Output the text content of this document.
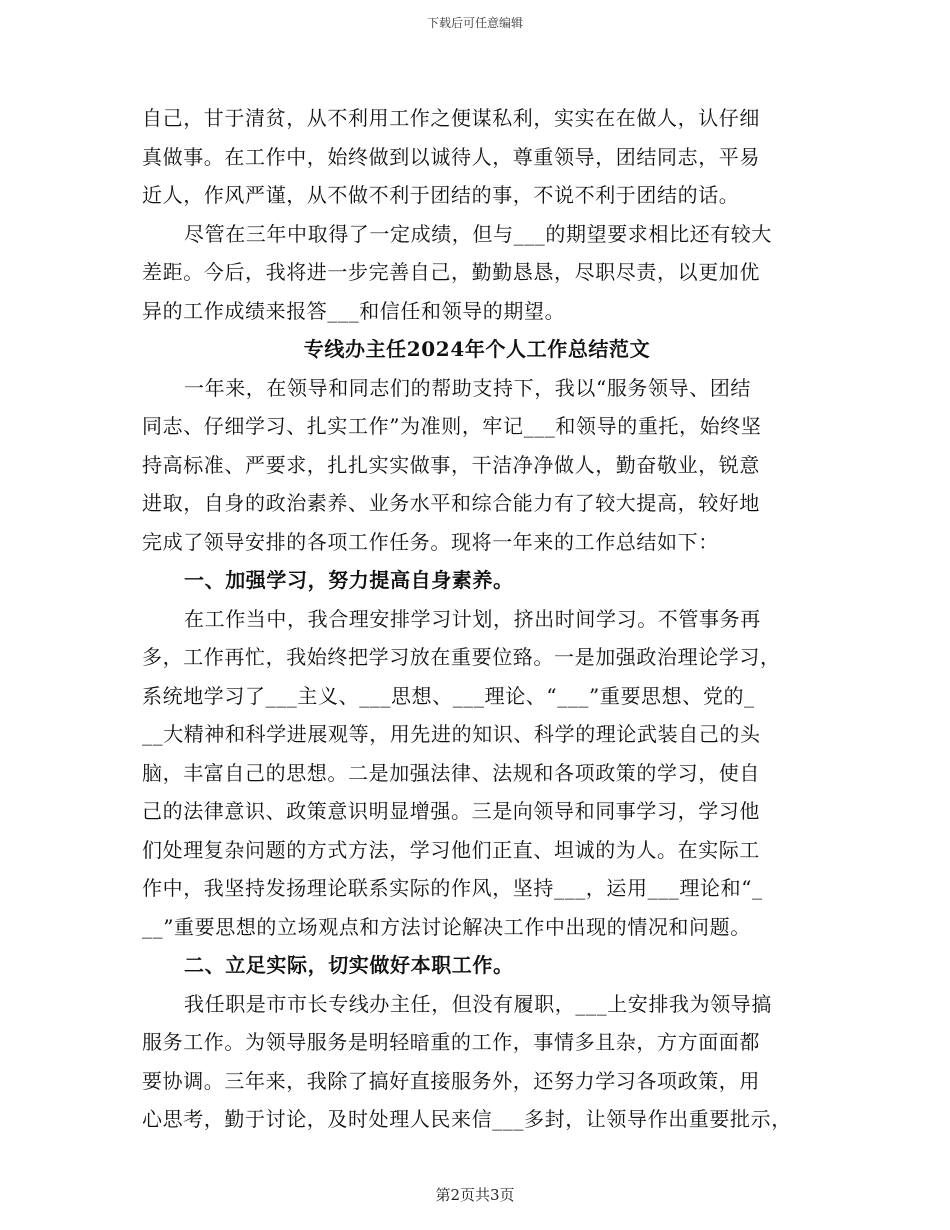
下载后可任意编辑
自己，甘于清贫，从不利用工作之便谋私利，实实在在做人，认仔细
真做事。在工作中，始终做到以诚待人，尊重领导，团结同志，平易
近人，作风严谨，从不做不利于团结的事，不说不利于团结的话。
尽管在三年中取得了一定成绩，但与___的期望要求相比还有较大
差距。今后，我将进一步完善自己，勤勤恳恳，尽职尽责，以更加优
异的工作成绩来报答___和信任和领导的期望。
专线办主任2024年个人工作总结范文
一年来，在领导和同志们的帮助支持下，我以“服务领导、团结
同志、仔细学习、扎实工作”为准则，牢记___和领导的重托，始终坚
持高标准、严要求，扎扎实实做事，干洁净净做人，勤奋敬业，锐意
进取，自身的政治素养、业务水平和综合能力有了较大提高，较好地
完成了领导安排的各项工作任务。现将一年来的工作总结如下：
一、加强学习，努力提高自身素养。
在工作当中，我合理安排学习计划，挤出时间学习。不管事务再
多，工作再忙，我始终把学习放在重要位臵。一是加强政治理论学习，
系统地学习了___主义、___思想、___理论、“___”重要思想、党的_
__大精神和科学进展观等，用先进的知识、科学的理论武装自己的头
脑，丰富自己的思想。二是加强法律、法规和各项政策的学习，使自
己的法律意识、政策意识明显增强。三是向领导和同事学习，学习他
们处理复杂问题的方式方法，学习他们正直、坦诚的为人。在实际工
作中，我坚持发扬理论联系实际的作风，坚持___，运用___理论和“_
__”重要思想的立场观点和方法讨论解决工作中出现的情况和问题。
二、立足实际，切实做好本职工作。
我任职是市市长专线办主任，但没有履职，___上安排我为领导搞
服务工作。为领导服务是明轻暗重的工作，事情多且杂，方方面面都
要协调。三年来，我除了搞好直接服务外，还努力学习各项政策，用
心思考，勤于讨论，及时处理人民来信___多封，让领导作出重要批示，
第2页共3页
